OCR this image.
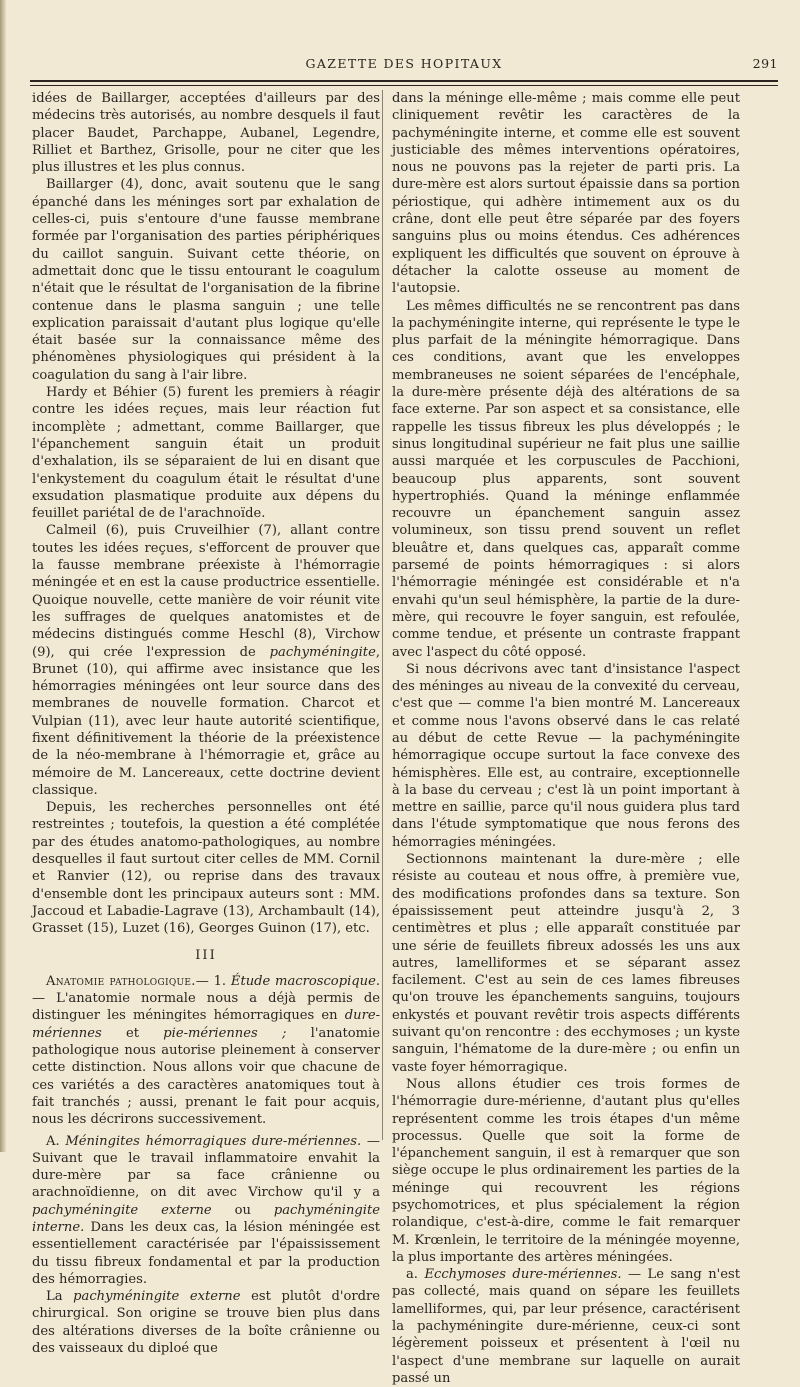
GAZETTE DES HOPITAUX	291

idées de Baillarger, acceptées d'ailleurs par des médecins très autorisés, au nombre desquels il faut placer Baudet, Parchappe, Aubanel, Legendre, Rilliet et Barthez, Grisolle, pour ne citer que les plus illustres et les plus connus.

Baillarger (4), donc, avait soutenu que le sang épanché dans les méninges sort par exhalation de celles-ci, puis s'entoure d'une fausse membrane formée par l'organisation des parties périphériques du caillot sanguin. Suivant cette théorie, on admettait donc que le tissu entourant le coagulum n'était que le résultat de l'organisation de la fibrine contenue dans le plasma sanguin ; une telle explication paraissait d'autant plus logique qu'elle était basée sur la connaissance même des phénomènes physiologiques qui président à la coagulation du sang à l'air libre.

Hardy et Béhier (5) furent les premiers à réagir contre les idées reçues, mais leur réaction fut incomplète ; admettant, comme Baillarger, que l'épanchement sanguin était un produit d'exhalation, ils se séparaient de lui en disant que l'enkystement du coagulum était le résultat d'une exsudation plasmatique produite aux dépens du feuillet pariétal de de l'arachnoïde.

Calmeil (6), puis Cruveilhier (7), allant contre toutes les idées reçues, s'efforcent de prouver que la fausse membrane préexiste à l'hémorragie méningée et en est la cause productrice essentielle. Quoique nouvelle, cette manière de voir réunit vite les suffrages de quelques anatomistes et de médecins distingués comme Heschl (8), Virchow (9), qui crée l'expression de pachyméningite, Brunet (10), qui affirme avec insistance que les hémorragies méningées ont leur source dans des membranes de nouvelle formation. Charcot et Vulpian (11), avec leur haute autorité scientifique, fixent définitivement la théorie de la préexistence de la néo-membrane à l'hémorragie et, grâce au mémoire de M. Lancereaux, cette doctrine devient classique.

Depuis, les recherches personnelles ont été restreintes ; toutefois, la question a été complétée par des études anatomo-pathologiques, au nombre desquelles il faut surtout citer celles de MM. Cornil et Ranvier (12), ou reprise dans des travaux d'ensemble dont les principaux auteurs sont : MM. Jaccoud et Labadie-Lagrave (13), Archambault (14), Grasset (15), Luzet (16), Georges Guinon (17), etc.

III

Anatomie pathologique.— 1. Étude macroscopique. — L'anatomie normale nous a déjà permis de distinguer les méningites hémorragiques en dure-mériennes et pie-mériennes ; l'anatomie pathologique nous autorise pleinement à conserver cette distinction. Nous allons voir que chacune de ces variétés a des caractères anatomiques tout à fait tranchés ; aussi, prenant le fait pour acquis, nous les décrirons successivement.

A. Méningites hémorragiques dure-mériennes. — Suivant que le travail inflammatoire envahit la dure-mère par sa face crânienne ou arachnoïdienne, on dit avec Virchow qu'il y a pachyméningite externe ou pachyméningite interne. Dans les deux cas, la lésion méningée est essentiellement caractérisée par l'épaississement du tissu fibreux fondamental et par la production des hémorragies.

La pachyméningite externe est plutôt d'ordre chirurgical. Son origine se trouve bien plus dans des altérations diverses de la boîte crânienne ou des vaisseaux du diploé que

dans la méninge elle-même ; mais comme elle peut cliniquement revêtir les caractères de la pachyméningite interne, et comme elle est souvent justiciable des mêmes interventions opératoires, nous ne pouvons pas la rejeter de parti pris. La dure-mère est alors surtout épaissie dans sa portion périostique, qui adhère intimement aux os du crâne, dont elle peut être séparée par des foyers sanguins plus ou moins étendus. Ces adhérences expliquent les difficultés que souvent on éprouve à détacher la calotte osseuse au moment de l'autopsie.

Les mêmes difficultés ne se rencontrent pas dans la pachyméningite interne, qui représente le type le plus parfait de la méningite hémorragique. Dans ces conditions, avant que les enveloppes membraneuses ne soient séparées de l'encéphale, la dure-mère présente déjà des altérations de sa face externe. Par son aspect et sa consistance, elle rappelle les tissus fibreux les plus développés ; le sinus longitudinal supérieur ne fait plus une saillie aussi marquée et les corpuscules de Pacchioni, beaucoup plus apparents, sont souvent hypertrophiés. Quand la méninge enflammée recouvre un épanchement sanguin assez volumineux, son tissu prend souvent un reflet bleuâtre et, dans quelques cas, apparaît comme parsemé de points hémorragiques : si alors l'hémorragie méningée est considérable et n'a envahi qu'un seul hémisphère, la partie de la dure-mère, qui recouvre le foyer sanguin, est refoulée, comme tendue, et présente un contraste frappant avec l'aspect du côté opposé.

Si nous décrivons avec tant d'insistance l'aspect des méninges au niveau de la convexité du cerveau, c'est que — comme l'a bien montré M. Lancereaux et comme nous l'avons observé dans le cas relaté au début de cette Revue — la pachyméningite hémorragique occupe surtout la face convexe des hémisphères. Elle est, au contraire, exceptionnelle à la base du cerveau ; c'est là un point important à mettre en saillie, parce qu'il nous guidera plus tard dans l'étude symptomatique que nous ferons des hémorragies méningées.

Sectionnons maintenant la dure-mère ; elle résiste au couteau et nous offre, à première vue, des modifications profondes dans sa texture. Son épaississement peut atteindre jusqu'à 2, 3 centimètres et plus ; elle apparaît constituée par une série de feuillets fibreux adossés les uns aux autres, lamelliformes et se séparant assez facilement. C'est au sein de ces lames fibreuses qu'on trouve les épanchements sanguins, toujours enkystés et pouvant revêtir trois aspects différents suivant qu'on rencontre : des ecchymoses ; un kyste sanguin, l'hématome de la dure-mère ; ou enfin un vaste foyer hémorragique.

Nous allons étudier ces trois formes de l'hémorragie dure-mérienne, d'autant plus qu'elles représentent comme les trois étapes d'un même processus. Quelle que soit la forme de l'épanchement sanguin, il est à remarquer que son siège occupe le plus ordinairement les parties de la méninge qui recouvrent les régions psychomotrices, et plus spécialement la région rolandique, c'est-à-dire, comme le fait remarquer M. Krœnlein, le territoire de la méningée moyenne, la plus importante des artères méningées.

a. Ecchymoses dure-mériennes. — Le sang n'est pas collecté, mais quand on sépare les feuillets lamelliformes, qui, par leur présence, caractérisent la pachyméningite dure-mérienne, ceux-ci sont légèrement poisseux et présentent à l'œil nu l'aspect d'une membrane sur laquelle on aurait passé un
